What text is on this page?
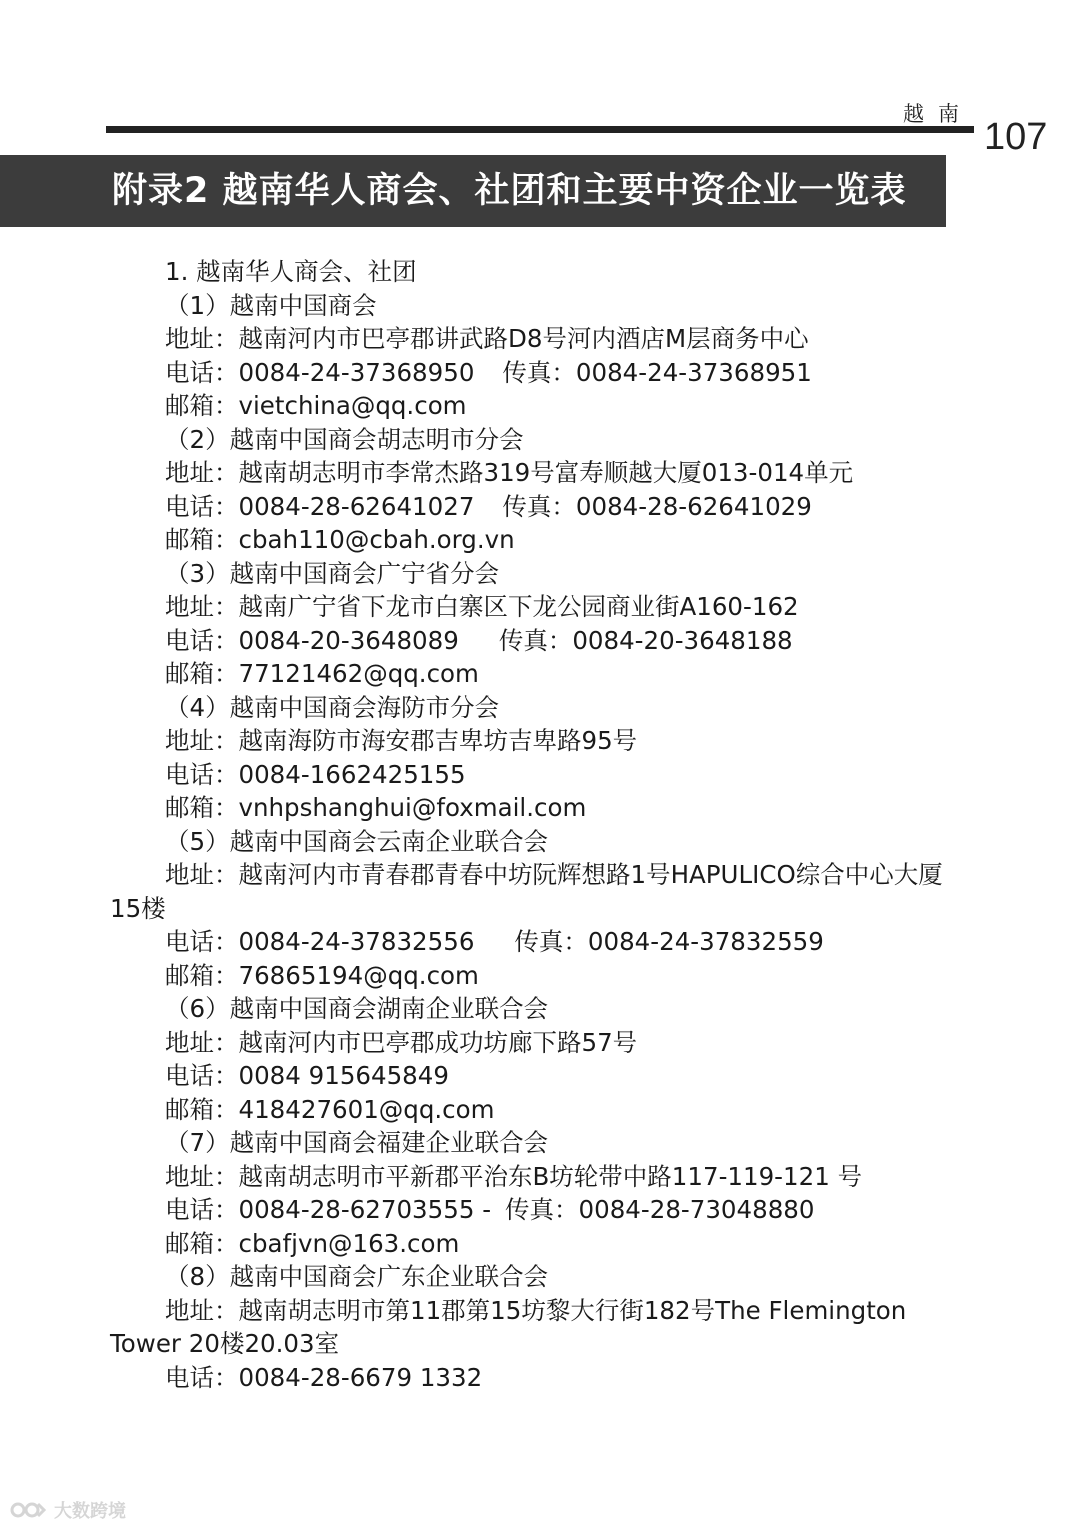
越南
107
附录2 越南华人商会、社团和主要中资企业一览表

1. 越南华人商会、社团

（1）越南中国商会

地址：越南河内市巴亭郡讲武路D8号河内酒店M层商务中心

电话：0084-24-37368950 传真：0084-24-37368951

邮箱：vietchina@qq.com

（2）越南中国商会胡志明市分会

地址：越南胡志明市李常杰路319号富寿顺越大厦013-014单元

电话：0084-28-62641027 传真：0084-28-62641029

邮箱：cbah110@cbah.org.vn

（3）越南中国商会广宁省分会

地址：越南广宁省下龙市白寨区下龙公园商业街A160-162

电话：0084-20-3648089 传真：0084-20-3648188

邮箱：77121462@qq.com

（4）越南中国商会海防市分会

地址：越南海防市海安郡吉卑坊吉卑路95号

电话：0084-1662425155

邮箱：vnhpshanghui@foxmail.com

（5）越南中国商会云南企业联合会

地址：越南河内市青春郡青春中坊阮辉想路1号HAPULICO综合中心大厦15楼

电话：0084-24-37832556 传真：0084-24-37832559

邮箱：76865194@qq.com

（6）越南中国商会湖南企业联合会

地址：越南河内市巴亭郡成功坊廊下路57号

电话：0084 915645849

邮箱：418427601@qq.com

（7）越南中国商会福建企业联合会

地址：越南胡志明市平新郡平治东B坊轮带中路117-119-121 号

电话：0084-28-62703555 - 传真：0084-28-73048880

邮箱：cbafjvn@163.com

（8）越南中国商会广东企业联合会

地址：越南胡志明市第11郡第15坊黎大行街182号The Flemington Tower 20楼20.03室

电话：0084-28-6679 1332

大数跨境
